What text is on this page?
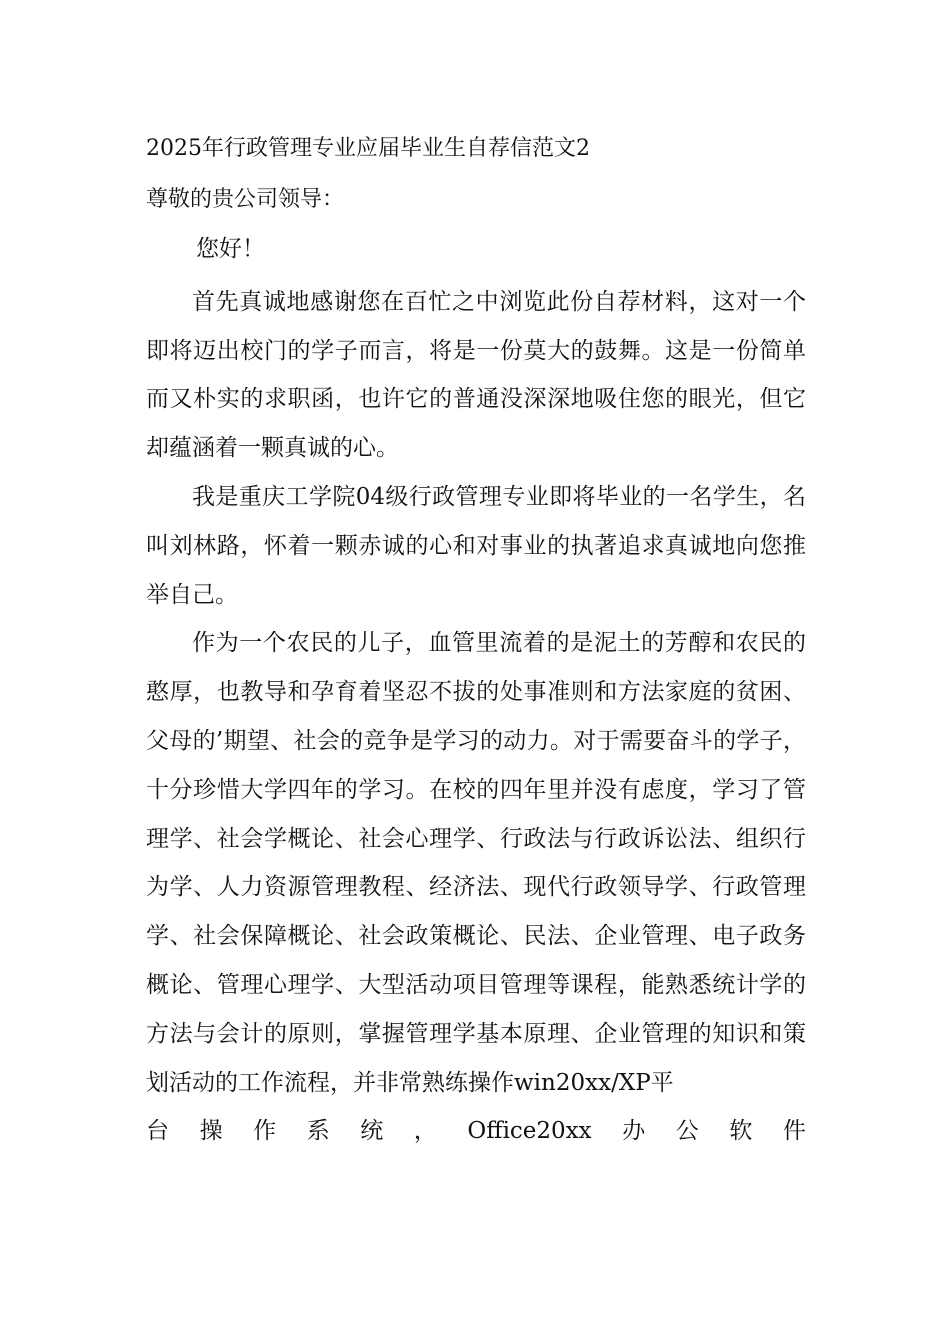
2025年行政管理专业应届毕业生自荐信范文2
尊敬的贵公司领导：

您好！

首先真诚地感谢您在百忙之中浏览此份自荐材料，这对一个即将迈出校门的学子而言，将是一份莫大的鼓舞。这是一份简单而又朴实的求职函，也许它的普通没深深地吸住您的眼光，但它却蕴涵着一颗真诚的心。

我是重庆工学院04级行政管理专业即将毕业的一名学生，名叫刘林路，怀着一颗赤诚的心和对事业的执著追求真诚地向您推举自己。

作为一个农民的儿子，血管里流着的是泥土的芳醇和农民的憨厚，也教导和孕育着坚忍不拔的处事准则和方法家庭的贫困、父母的’期望、社会的竞争是学习的动力。对于需要奋斗的学子，十分珍惜大学四年的学习。在校的四年里并没有虑度，学习了管理学、社会学概论、社会心理学、行政法与行政诉讼法、组织行为学、人力资源管理教程、经济法、现代行政领导学、行政管理学、社会保障概论、社会政策概论、民法、企业管理、电子政务概论、管理心理学、大型活动项目管理等课程，能熟悉统计学的方法与会计的原则，掌握管理学基本原理、企业管理的知识和策划活动的工作流程，并非常熟练操作win20xx/XP平

台 操 作 系 统 ， Office20xx 办 公 软 件
